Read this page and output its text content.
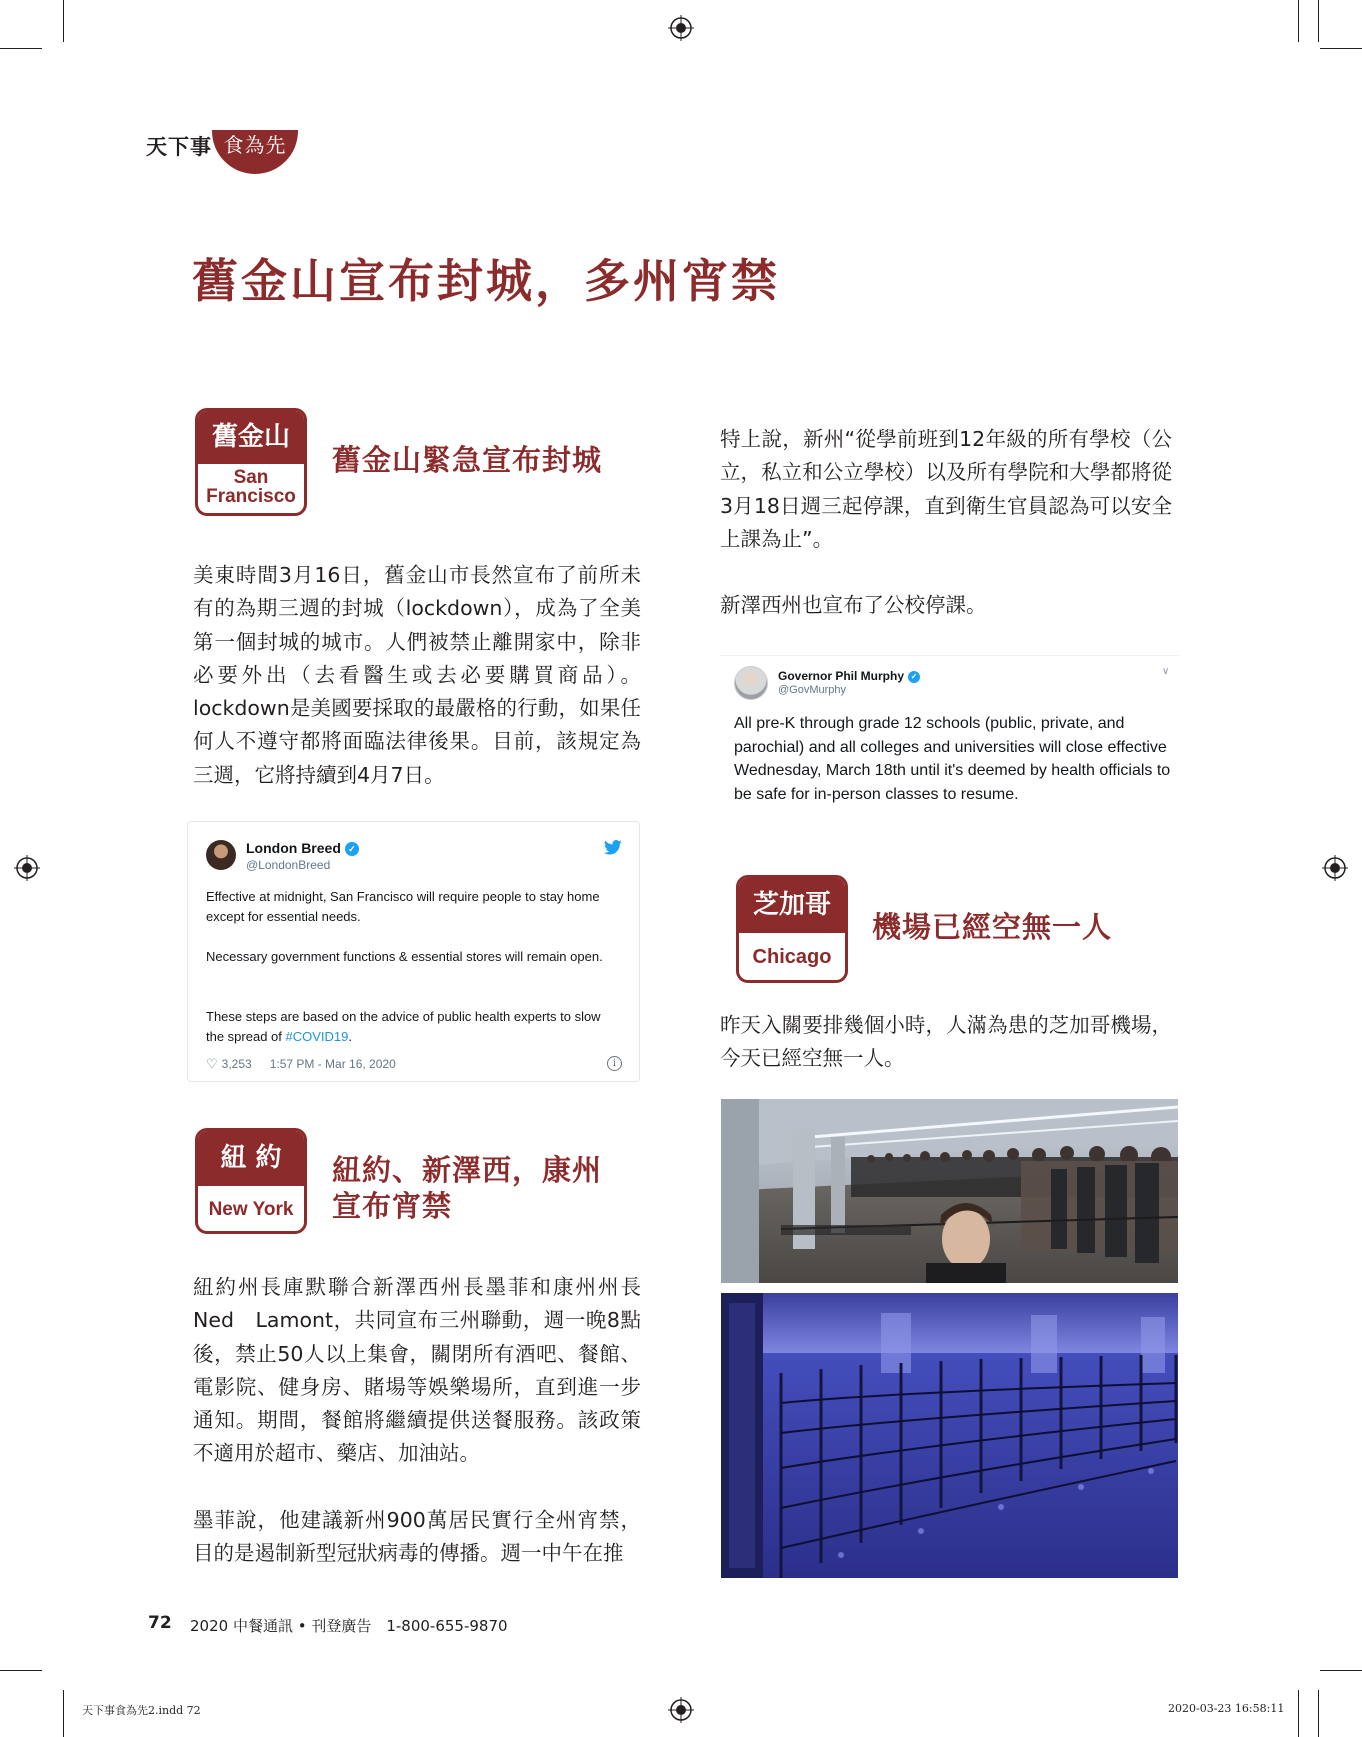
天下事 食為先
舊金山宣布封城，多州宵禁
舊金山
San Francisco
舊金山緊急宣布封城

美東時間3月16日，舊金山市長然宣布了前所未有的為期三週的封城（lockdown），成為了全美第一個封城的城市。人們被禁止離開家中，除非必要外出（去看醫生或去必要購買商品）。lockdown是美國要採取的最嚴格的行動，如果任何人不遵守都將面臨法律後果。目前，該規定為三週，它將持續到4月7日。

London Breed ✓
@LondonBreed
Effective at midnight, San Francisco will require people to stay home except for essential needs.
Necessary government functions & essential stores will remain open.
These steps are based on the advice of public health experts to slow the spread of #COVID19.
♡ 3,253 1:57 PM - Mar 16, 2020	i
紐 約
New York
紐約、新澤西，康州
宣布宵禁

紐約州長庫默聯合新澤西州長墨菲和康州州長Ned　Lamont，共同宣布三州聯動，週一晚8點後，禁止50人以上集會，關閉所有酒吧、餐館、電影院、健身房、賭場等娛樂場所，直到進一步通知。期間，餐館將繼續提供送餐服務。該政策不適用於超市、藥店、加油站。

墨菲說，他建議新州900萬居民實行全州宵禁，目的是遏制新型冠狀病毒的傳播。週一中午在推

特上說，新州“從學前班到12年級的所有學校（公立，私立和公立學校）以及所有學院和大學都將從3月18日週三起停課，直到衛生官員認為可以安全上課為止”。

新澤西州也宣布了公校停課。

Governor Phil Murphy ✓
@GovMurphy
∨
All pre-K through grade 12 schools (public, private, and parochial) and all colleges and universities will close effective Wednesday, March 18th until it's deemed by health officials to be safe for in-person classes to resume.
芝加哥
Chicago
機場已經空無一人

昨天入關要排幾個小時，人滿為患的芝加哥機場，今天已經空無一人。

72 2020 中餐通訊 • 刊登廣告　1-800-655-9870
天下事食為先2.indd 72	2020-03-23 16:58:11
